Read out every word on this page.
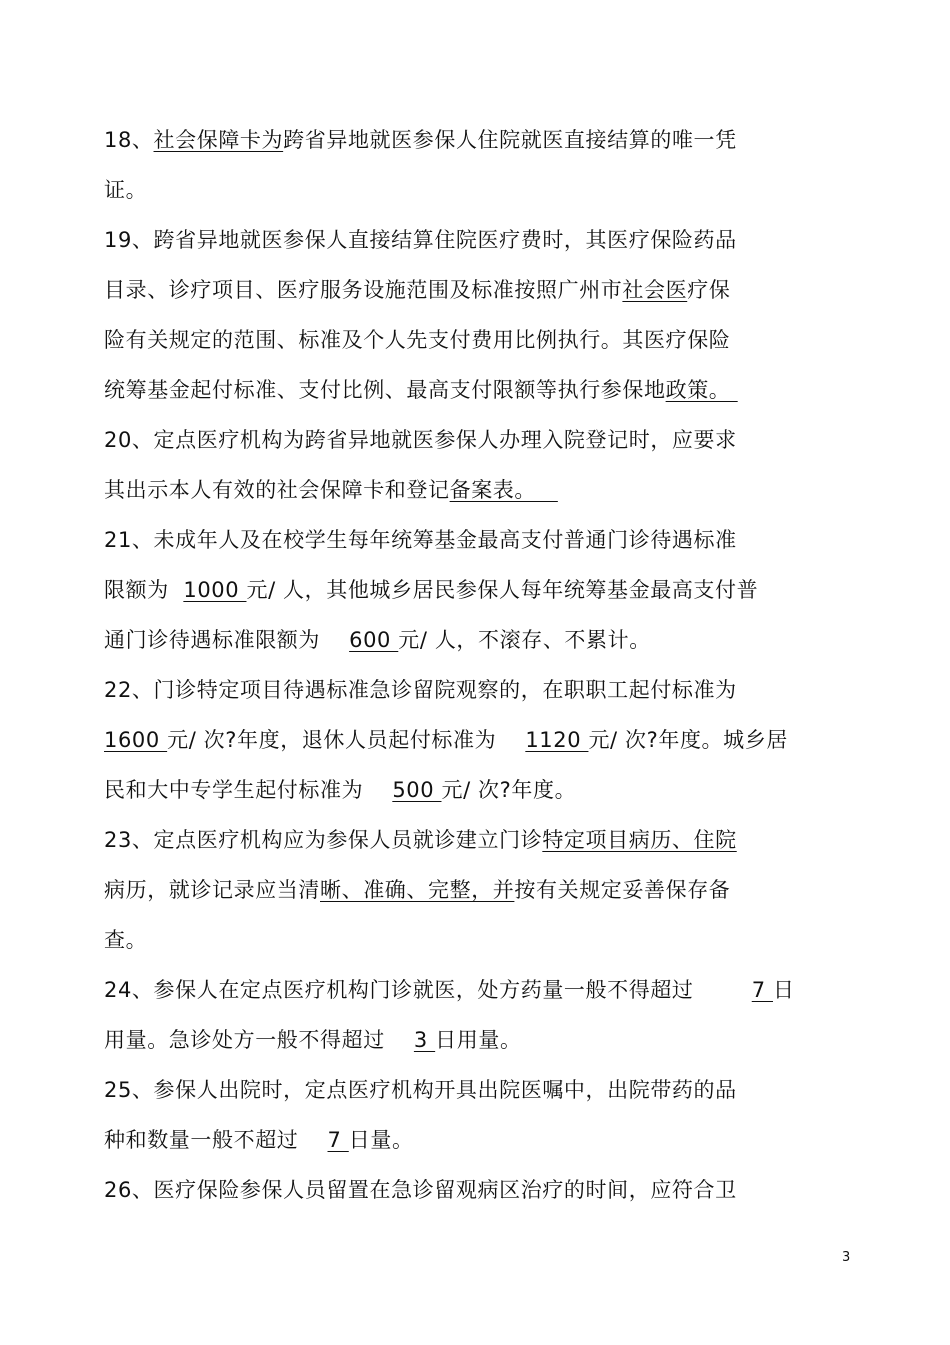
18、社会保障卡为跨省异地就医参保人住院就医直接结算的唯一凭
证。
19、跨省异地就医参保人直接结算住院医疗费时，其医疗保险药品
目录、诊疗项目、医疗服务设施范围及标准按照广州市社会医疗保
险有关规定的范围、标准及个人先支付费用比例执行。其医疗保险
统筹基金起付标准、支付比例、最高支付限额等执行参保地政策。
20、定点医疗机构为跨省异地就医参保人办理入院登记时，应要求
其出示本人有效的社会保障卡和登记备案表。
21、未成年人及在校学生每年统筹基金最高支付普通门诊待遇标准
限额为  1000 元/ 人，其他城乡居民参保人每年统筹基金最高支付普
通门诊待遇标准限额为    600 元/ 人，不滚存、不累计。
22、门诊特定项目待遇标准急诊留院观察的，在职职工起付标准为
1600 元/ 次?年度，退休人员起付标准为    1120 元/ 次?年度。城乡居
民和大中专学生起付标准为    500 元/ 次?年度。
23、定点医疗机构应为参保人员就诊建立门诊特定项目病历、住院
病历，就诊记录应当清晰、准确、完整，并按有关规定妥善保存备
查。
24、参保人在定点医疗机构门诊就医，处方药量一般不得超过        7 日
用量。急诊处方一般不得超过    3 日用量。
25、参保人出院时，定点医疗机构开具出院医嘱中，出院带药的品
种和数量一般不超过    7 日量。
26、医疗保险参保人员留置在急诊留观病区治疗的时间，应符合卫
3
